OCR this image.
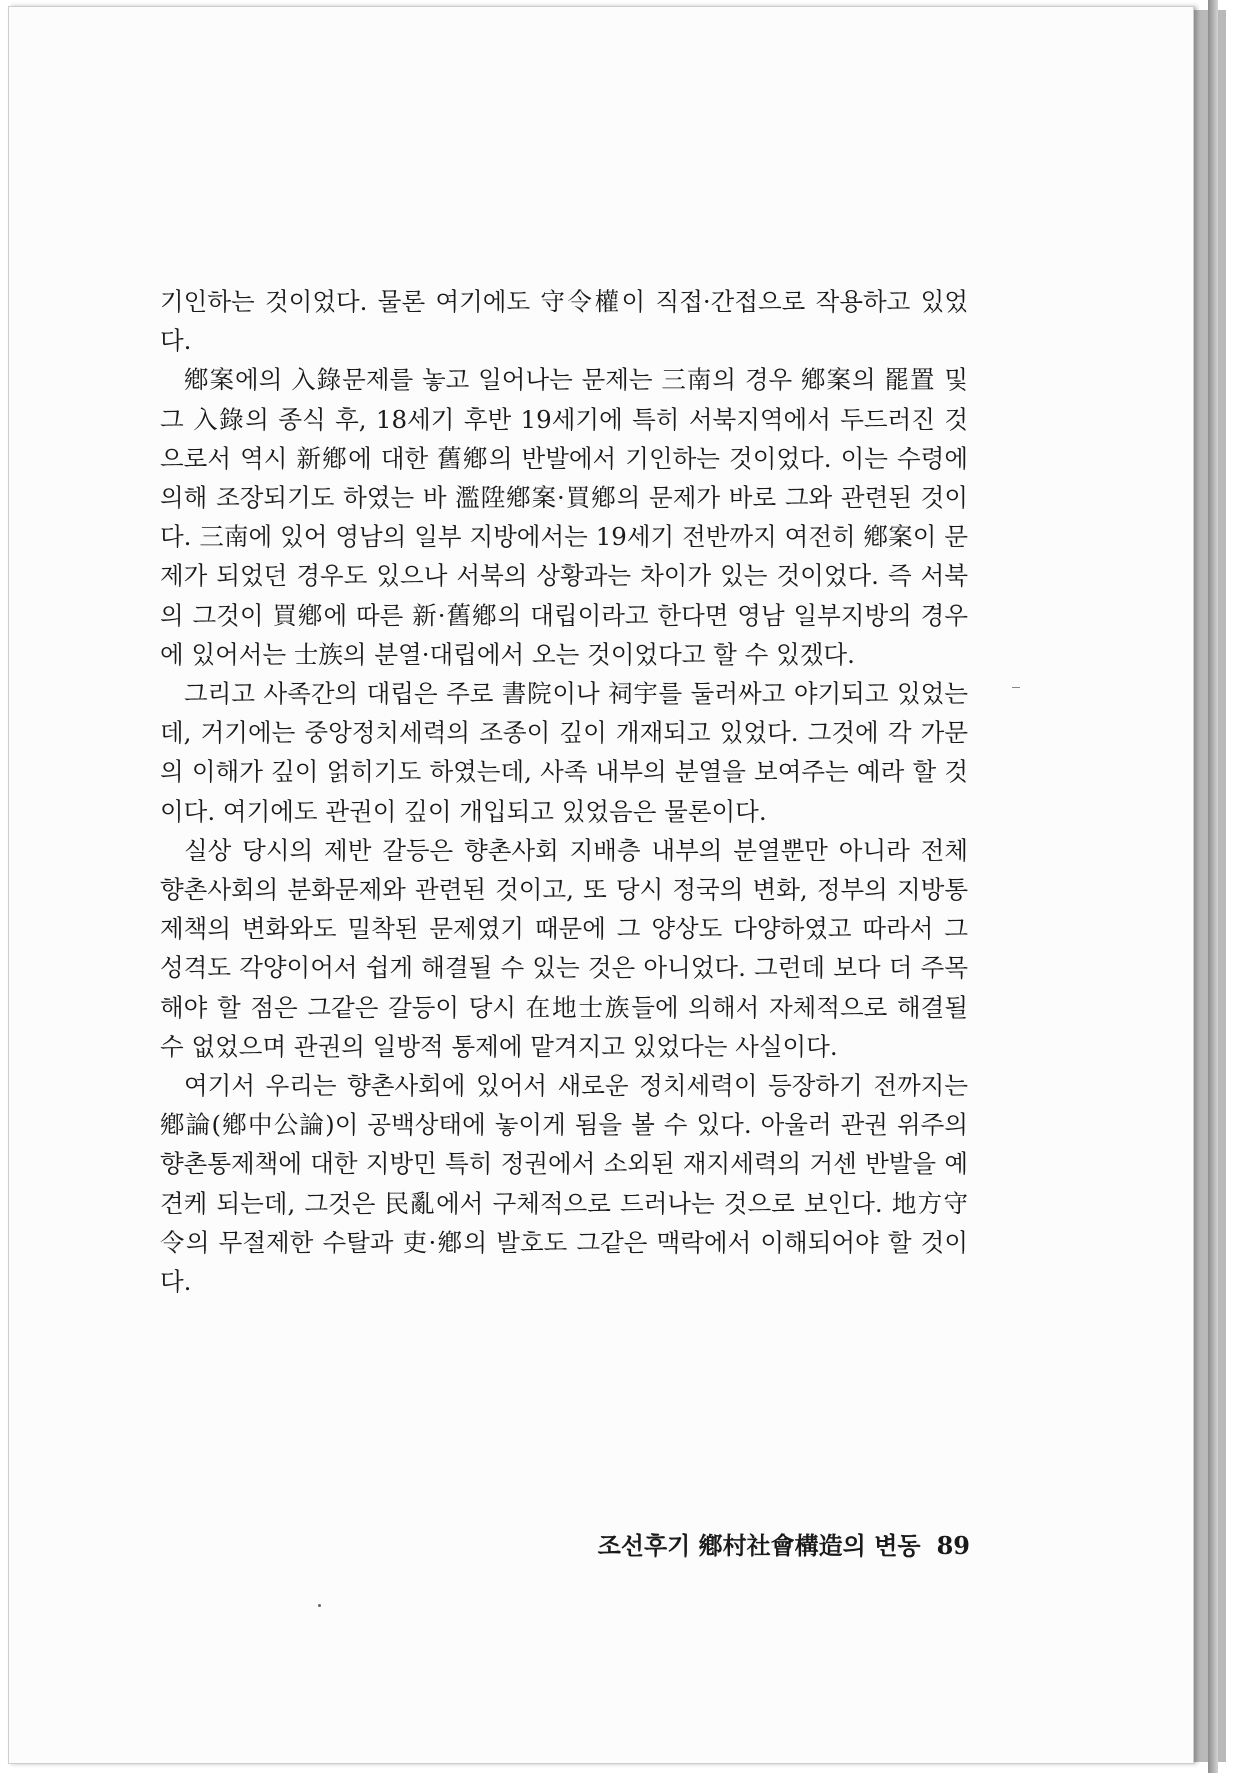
기인하는 것이었다. 물론 여기에도 守令權이 직접·간접으로 작용하고 있었다.

鄕案에의 入錄문제를 놓고 일어나는 문제는 三南의 경우 鄕案의 罷置 및 그 入錄의 종식 후, 18세기 후반 19세기에 특히 서북지역에서 두드러진 것으로서 역시 新鄕에 대한 舊鄕의 반발에서 기인하는 것이었다. 이는 수령에 의해 조장되기도 하였는 바 濫陞鄕案·買鄕의 문제가 바로 그와 관련된 것이다. 三南에 있어 영남의 일부 지방에서는 19세기 전반까지 여전히 鄕案이 문제가 되었던 경우도 있으나 서북의 상황과는 차이가 있는 것이었다. 즉 서북의 그것이 買鄕에 따른 新·舊鄕의 대립이라고 한다면 영남 일부지방의 경우에 있어서는 士族의 분열·대립에서 오는 것이었다고 할 수 있겠다.

그리고 사족간의 대립은 주로 書院이나 祠宇를 둘러싸고 야기되고 있었는데, 거기에는 중앙정치세력의 조종이 깊이 개재되고 있었다. 그것에 각 가문의 이해가 깊이 얽히기도 하였는데, 사족 내부의 분열을 보여주는 예라 할 것이다. 여기에도 관권이 깊이 개입되고 있었음은 물론이다.

실상 당시의 제반 갈등은 향촌사회 지배층 내부의 분열뿐만 아니라 전체 향촌사회의 분화문제와 관련된 것이고, 또 당시 정국의 변화, 정부의 지방통제책의 변화와도 밀착된 문제였기 때문에 그 양상도 다양하였고 따라서 그 성격도 각양이어서 쉽게 해결될 수 있는 것은 아니었다. 그런데 보다 더 주목해야 할 점은 그같은 갈등이 당시 在地士族들에 의해서 자체적으로 해결될 수 없었으며 관권의 일방적 통제에 맡겨지고 있었다는 사실이다.

여기서 우리는 향촌사회에 있어서 새로운 정치세력이 등장하기 전까지는 鄕論(鄕中公論)이 공백상태에 놓이게 됨을 볼 수 있다. 아울러 관권 위주의 향촌통제책에 대한 지방민 특히 정권에서 소외된 재지세력의 거센 반발을 예견케 되는데, 그것은 民亂에서 구체적으로 드러나는 것으로 보인다. 地方守令의 무절제한 수탈과 吏·鄕의 발호도 그같은 맥락에서 이해되어야 할 것이다.

조선후기 鄕村社會構造의 변동 89
